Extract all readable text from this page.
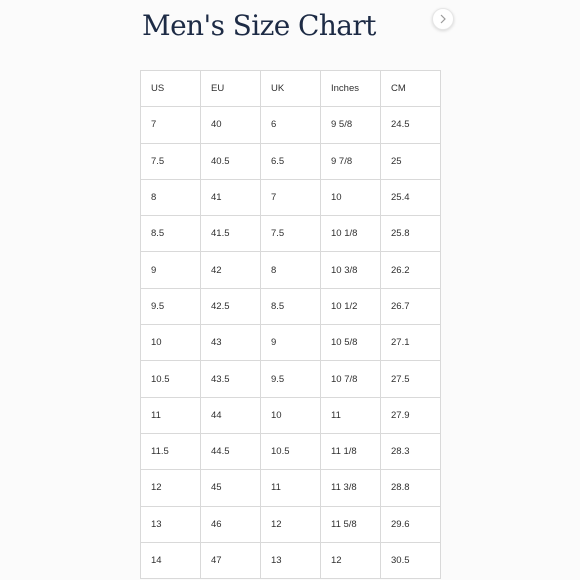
Men's Size Chart
US	EU	UK	Inches	CM
7	40	6	9 5/8	24.5
7.5	40.5	6.5	9 7/8	25
8	41	7	10	25.4
8.5	41.5	7.5	10 1/8	25.8
9	42	8	10 3/8	26.2
9.5	42.5	8.5	10 1/2	26.7
10	43	9	10 5/8	27.1
10.5	43.5	9.5	10 7/8	27.5
11	44	10	11	27.9
11.5	44.5	10.5	11 1/8	28.3
12	45	11	11 3/8	28.8
13	46	12	11 5/8	29.6
14	47	13	12	30.5
